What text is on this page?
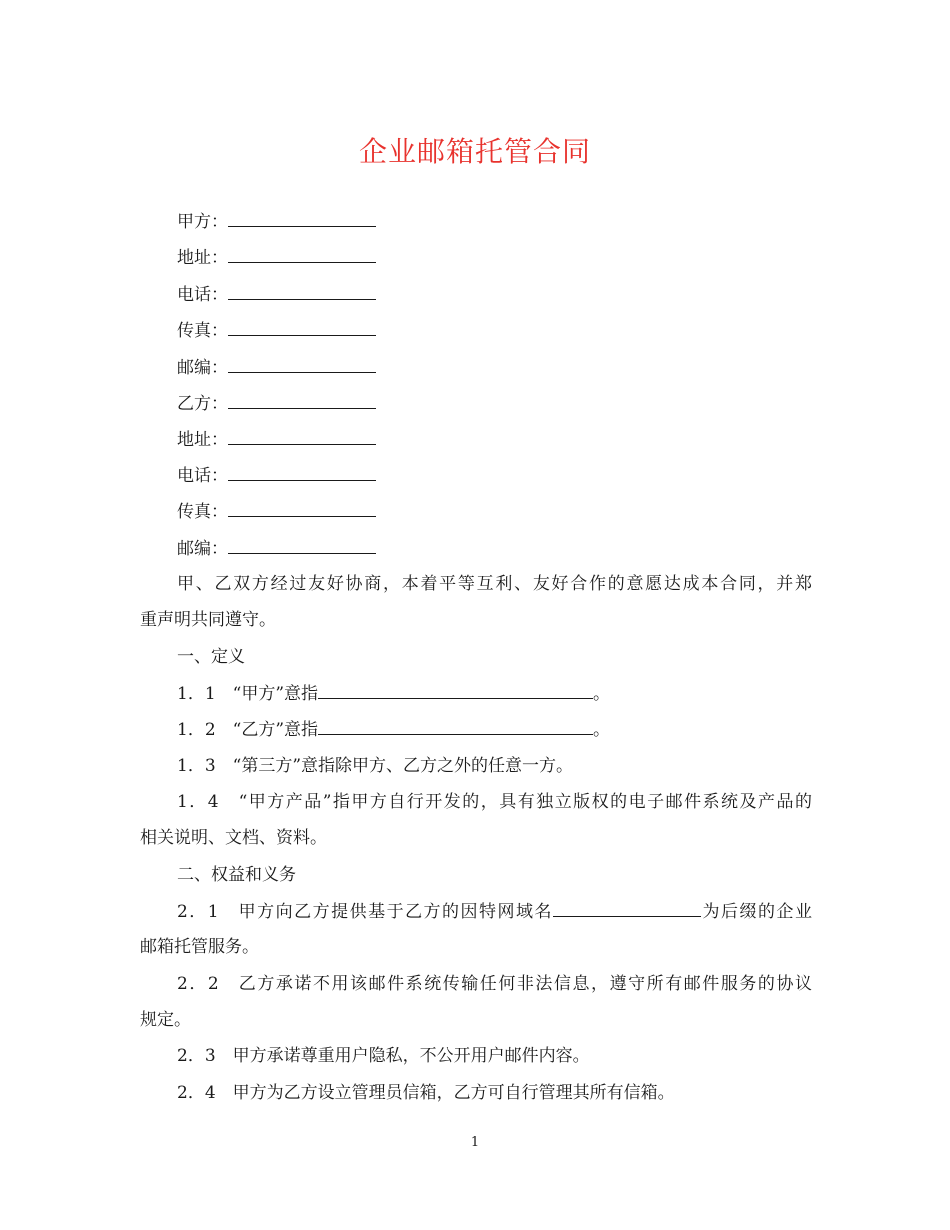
企业邮箱托管合同
甲方：
地址：
电话：
传真：
邮编：
乙方：
地址：
电话：
传真：
邮编：
甲、乙双方经过友好协商，本着平等互利、友好合作的意愿达成本合同，并郑
重声明共同遵守。
一、定义
1．1　“甲方”意指	。
1．2　“乙方”意指	。
1．3　“第三方”意指除甲方、乙方之外的任意一方。
1．4　“甲方产品”指甲方自行开发的，具有独立版权的电子邮件系统及产品的
相关说明、文档、资料。
二、权益和义务
2．1　甲方向乙方提供基于乙方的因特网域名	为后缀的企业
邮箱托管服务。
2．2　乙方承诺不用该邮件系统传输任何非法信息，遵守所有邮件服务的协议
规定。
2．3　甲方承诺尊重用户隐私，不公开用户邮件内容。
2．4　甲方为乙方设立管理员信箱，乙方可自行管理其所有信箱。
1
